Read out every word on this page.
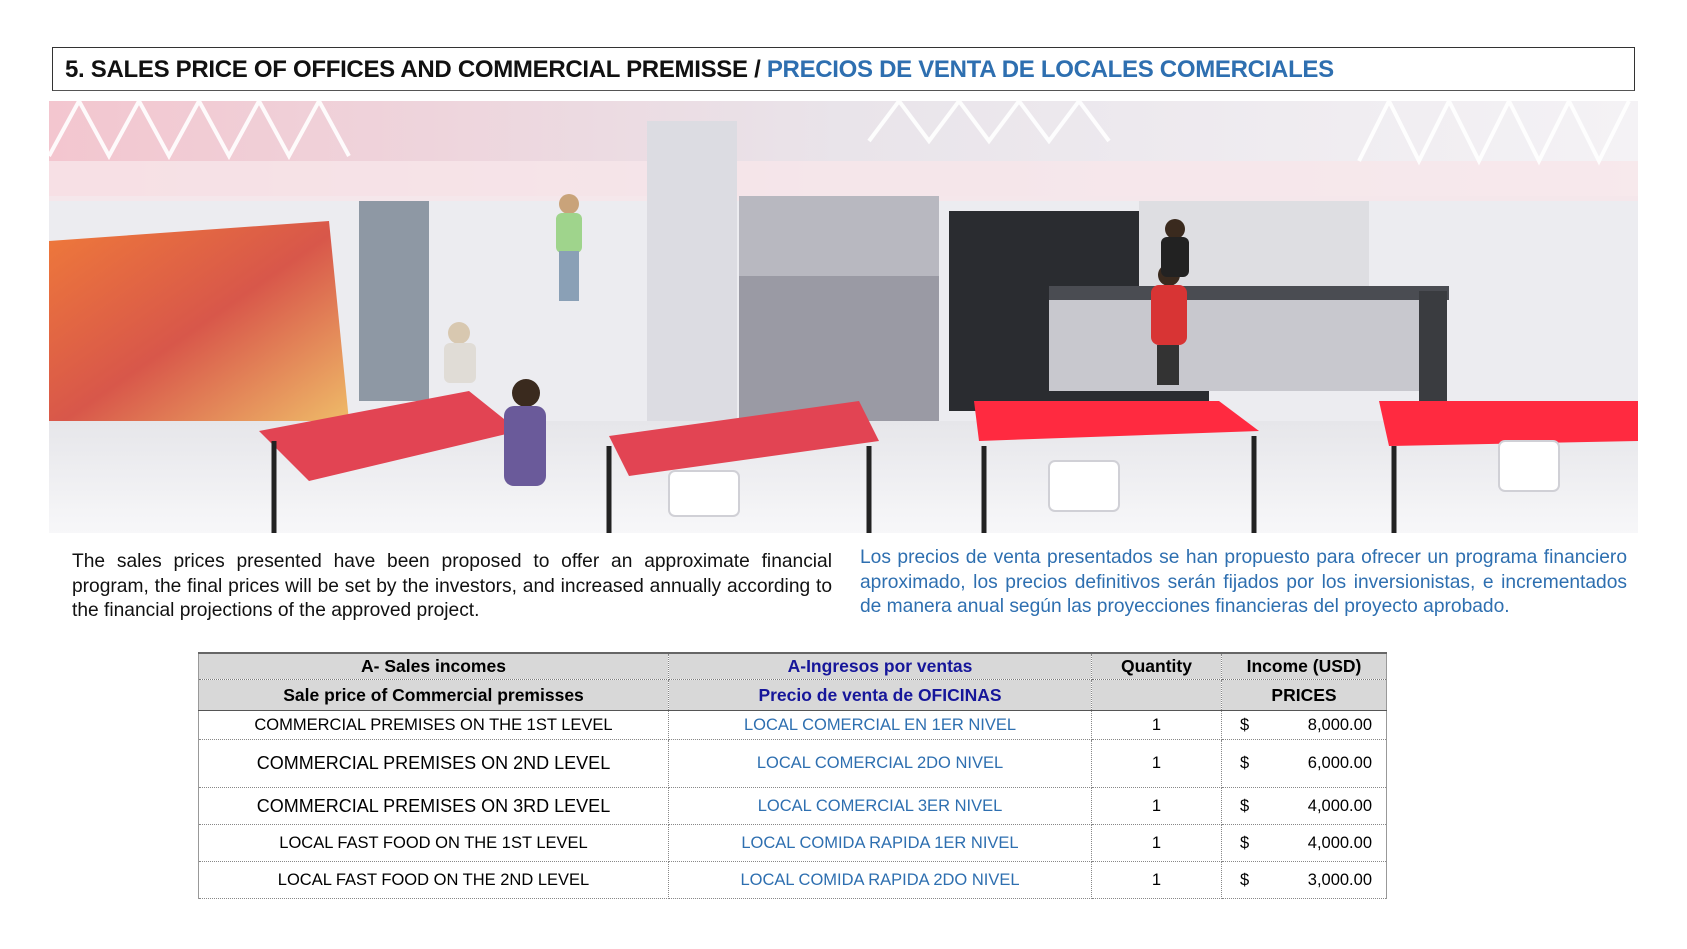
5. SALES PRICE OF OFFICES AND COMMERCIAL PREMISSE / PRECIOS DE VENTA DE LOCALES COMERCIALES
The sales prices presented have been proposed to offer an approximate financial program, the final prices will be set by the investors, and increased annually according to the financial projections of the approved project.
Los precios de venta presentados se han propuesto para ofrecer un programa financiero aproximado, los precios definitivos serán fijados por los inversionistas, e incrementados de manera anual según las proyecciones financieras del proyecto aprobado.
A- Sales incomes	A-Ingresos por ventas	Quantity	Income (USD)
Sale price of Commercial premisses	Precio de venta de OFICINAS		PRICES
COMMERCIAL PREMISES ON THE 1ST LEVEL	LOCAL COMERCIAL EN 1ER NIVEL	1	$ 8,000.00

COMMERCIAL PREMISES ON 2ND LEVEL	LOCAL COMERCIAL 2DO NIVEL	1	$ 6,000.00

COMMERCIAL PREMISES ON 3RD LEVEL	LOCAL COMERCIAL 3ER NIVEL	1	$ 4,000.00

LOCAL FAST FOOD ON THE 1ST LEVEL	LOCAL COMIDA RAPIDA 1ER NIVEL	1	$ 4,000.00

LOCAL FAST FOOD ON THE 2ND LEVEL	LOCAL COMIDA RAPIDA 2DO NIVEL	1	$ 3,000.00
